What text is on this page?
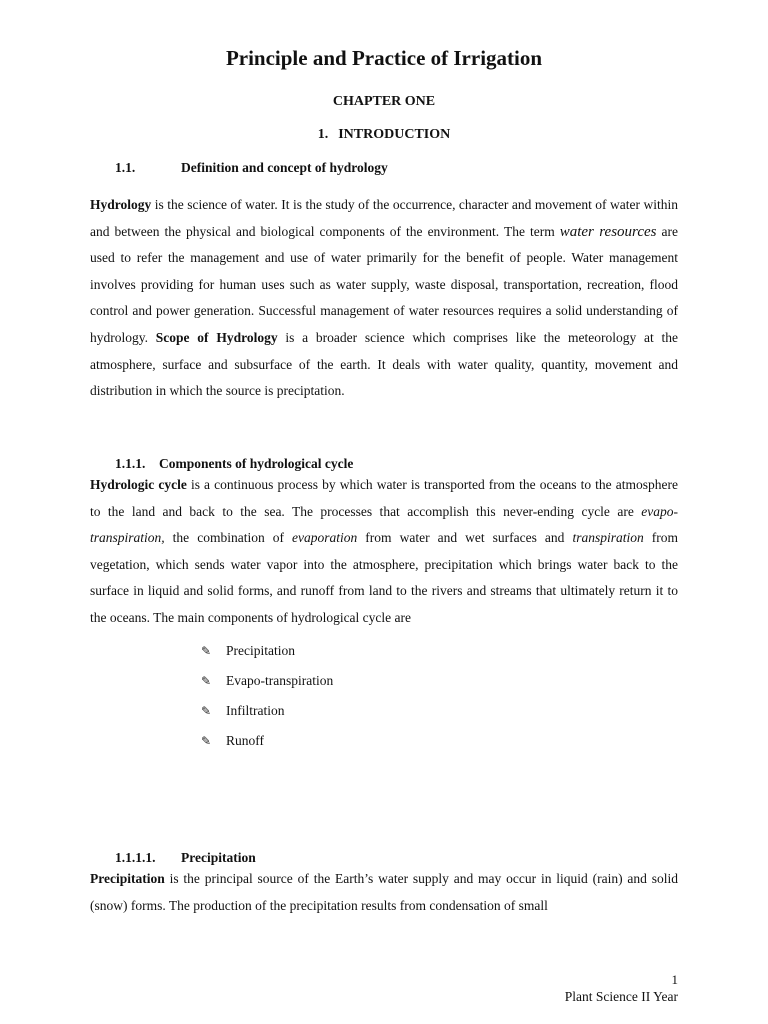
Principle and Practice of Irrigation
CHAPTER ONE
1. INTRODUCTION
1.1.	Definition and concept of hydrology

Hydrology is the science of water. It is the study of the occurrence, character and movement of water within and between the physical and biological components of the environment. The term water resources are used to refer the management and use of water primarily for the benefit of people. Water management involves providing for human uses such as water supply, waste disposal, transportation, recreation, flood control and power generation. Successful management of water resources requires a solid understanding of hydrology. Scope of Hydrology is a broader science which comprises like the meteorology at the atmosphere, surface and subsurface of the earth. It deals with water quality, quantity, movement and distribution in which the source is preciptation.

1.1.1. Components of hydrological cycle

Hydrologic cycle is a continuous process by which water is transported from the oceans to the atmosphere to the land and back to the sea. The processes that accomplish this never-ending cycle are evapo-transpiration, the combination of evaporation from water and wet surfaces and transpiration from vegetation, which sends water vapor into the atmosphere, precipitation which brings water back to the surface in liquid and solid forms, and runoff from land to the rivers and streams that ultimately return it to the oceans. The main components of hydrological cycle are

✎	Precipitation
✎	Evapo-transpiration
✎	Infiltration
✎	Runoff
1.1.1.1. Precipitation

Precipitation is the principal source of the Earth’s water supply and may occur in liquid (rain) and solid (snow) forms. The production of the precipitation results from condensation of small

1
Plant Science II Year
